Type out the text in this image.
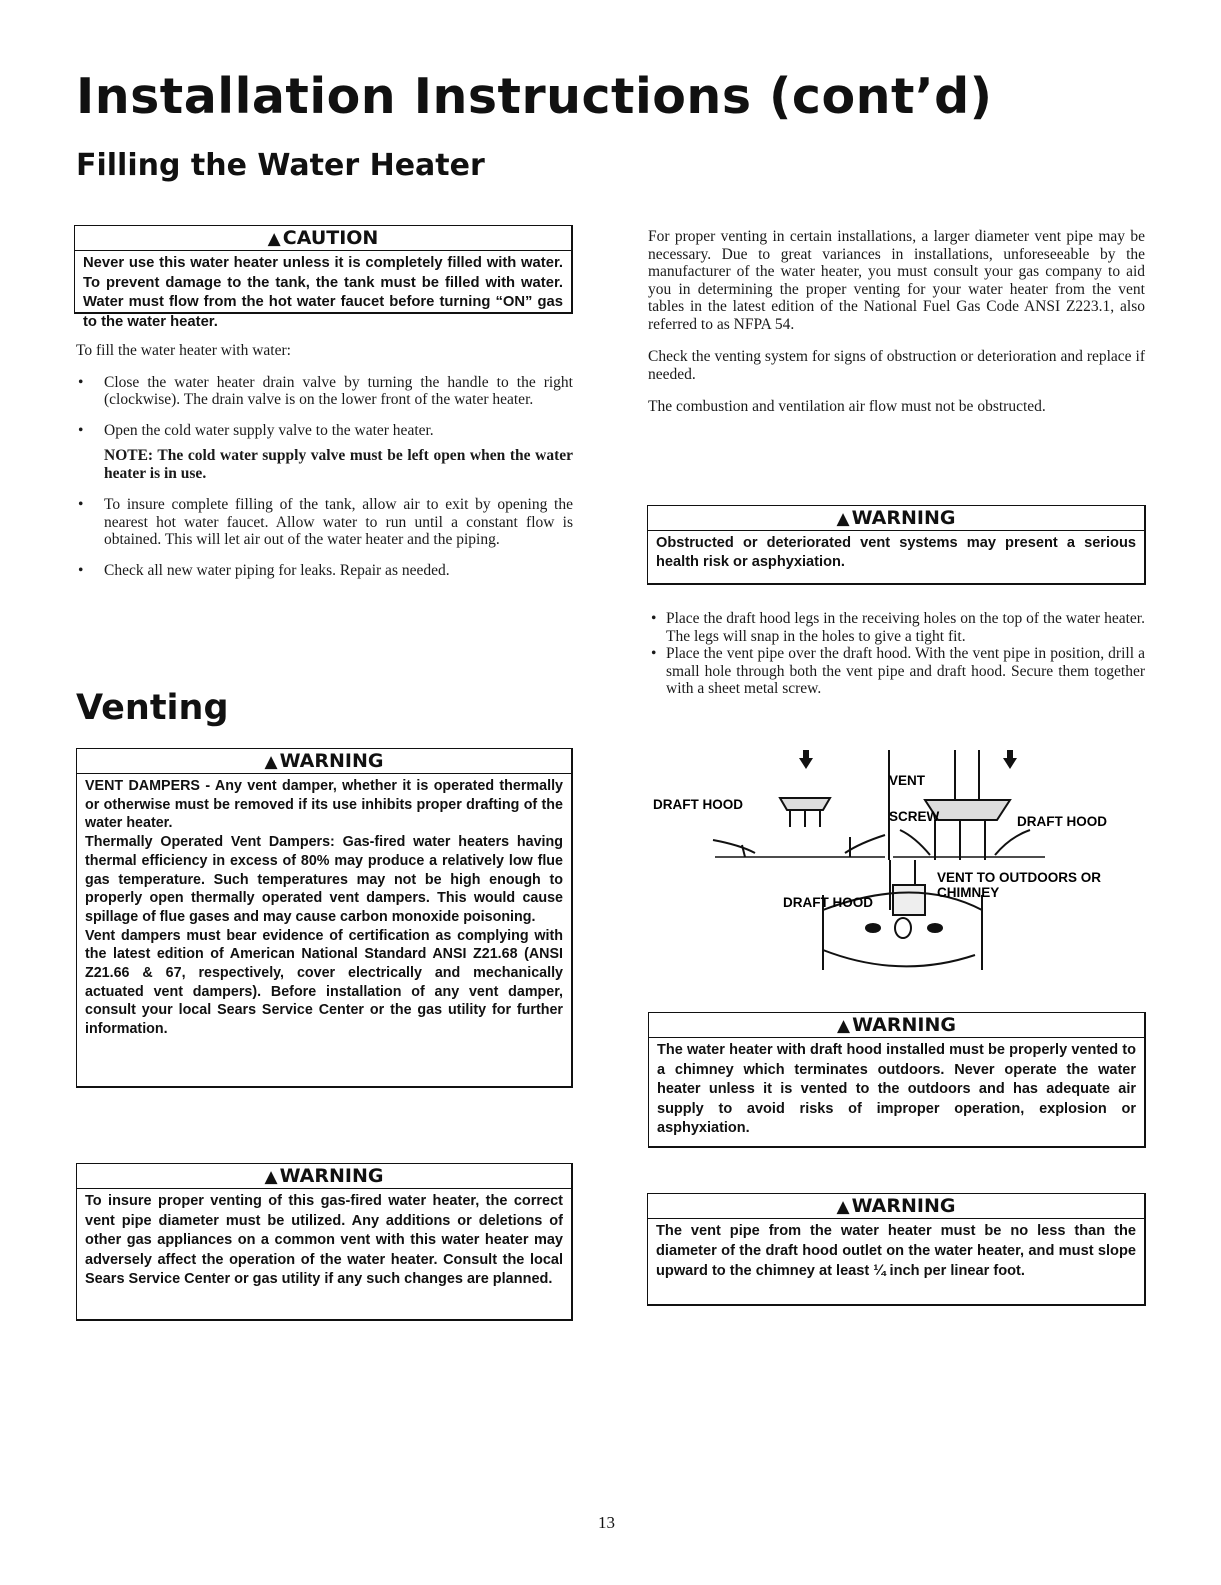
Installation Instructions (cont’d)
Filling the Water Heater
▲ CAUTION
Never use this water heater unless it is completely filled with water. To prevent damage to the tank, the tank must be filled with water. Water must flow from the hot water faucet before turning “ON” gas to the water heater.

To fill the water heater with water:

• Close the water heater drain valve by turning the handle to the right (clockwise). The drain valve is on the lower front of the water heater.
• Open the cold water supply valve to the water heater.

NOTE: The cold water supply valve must be left open when the water heater is in use.

• To insure complete filling of the tank, allow air to exit by opening the nearest hot water faucet. Allow water to run until a constant flow is obtained. This will let air out of the water heater and the piping.
• Check all new water piping for leaks. Repair as needed.
Venting
▲ WARNING
VENT DAMPERS - Any vent damper, whether it is operated thermally or otherwise must be removed if its use inhibits proper drafting of the water heater.
Thermally Operated Vent Dampers: Gas-fired water heaters having thermal efficiency in excess of 80% may produce a relatively low flue gas temperature. Such temperatures may not be high enough to properly open thermally operated vent dampers. This would cause spillage of flue gases and may cause carbon monoxide poisoning.
Vent dampers must bear evidence of certification as complying with the latest edition of American National Standard ANSI Z21.68 (ANSI Z21.66 & 67, respectively, cover electrically and mechanically actuated vent dampers). Before installation of any vent damper, consult your local Sears Service Center or the gas utility for further information.
▲ WARNING
To insure proper venting of this gas-fired water heater, the correct vent pipe diameter must be utilized. Any additions or deletions of other gas appliances on a common vent with this water heater may adversely affect the operation of the water heater. Consult the local Sears Service Center or gas utility if any such changes are planned.

For proper venting in certain installations, a larger diameter vent pipe may be necessary. Due to great variances in installations, unforeseeable by the manufacturer of the water heater, you must consult your gas company to aid you in determining the proper venting for your water heater from the vent tables in the latest edition of the National Fuel Gas Code ANSI Z223.1, also referred to as NFPA 54.

Check the venting system for signs of obstruction or deterioration and replace if needed.

The combustion and ventilation air flow must not be obstructed.

▲ WARNING
Obstructed or deteriorated vent systems may present a serious health risk or asphyxiation.
• Place the draft hood legs in the receiving holes on the top of the water heater. The legs will snap in the holes to give a tight fit.
• Place the vent pipe over the draft hood. With the vent pipe in position, drill a small hole through both the vent pipe and draft hood. Secure them together with a sheet metal screw.
DRAFT HOOD
VENT
SCREW	DRAFT HOOD
VENT TO OUTDOORS OR
CHIMNEY
DRAFT HOOD
▲ WARNING
The water heater with draft hood installed must be properly vented to a chimney which terminates outdoors. Never operate the water heater unless it is vented to the outdoors and has adequate air supply to avoid risks of improper operation, explosion or asphyxiation.
▲ WARNING
The vent pipe from the water heater must be no less than the diameter of the draft hood outlet on the water heater, and must slope upward to the chimney at least ¼ inch per linear foot.
13
